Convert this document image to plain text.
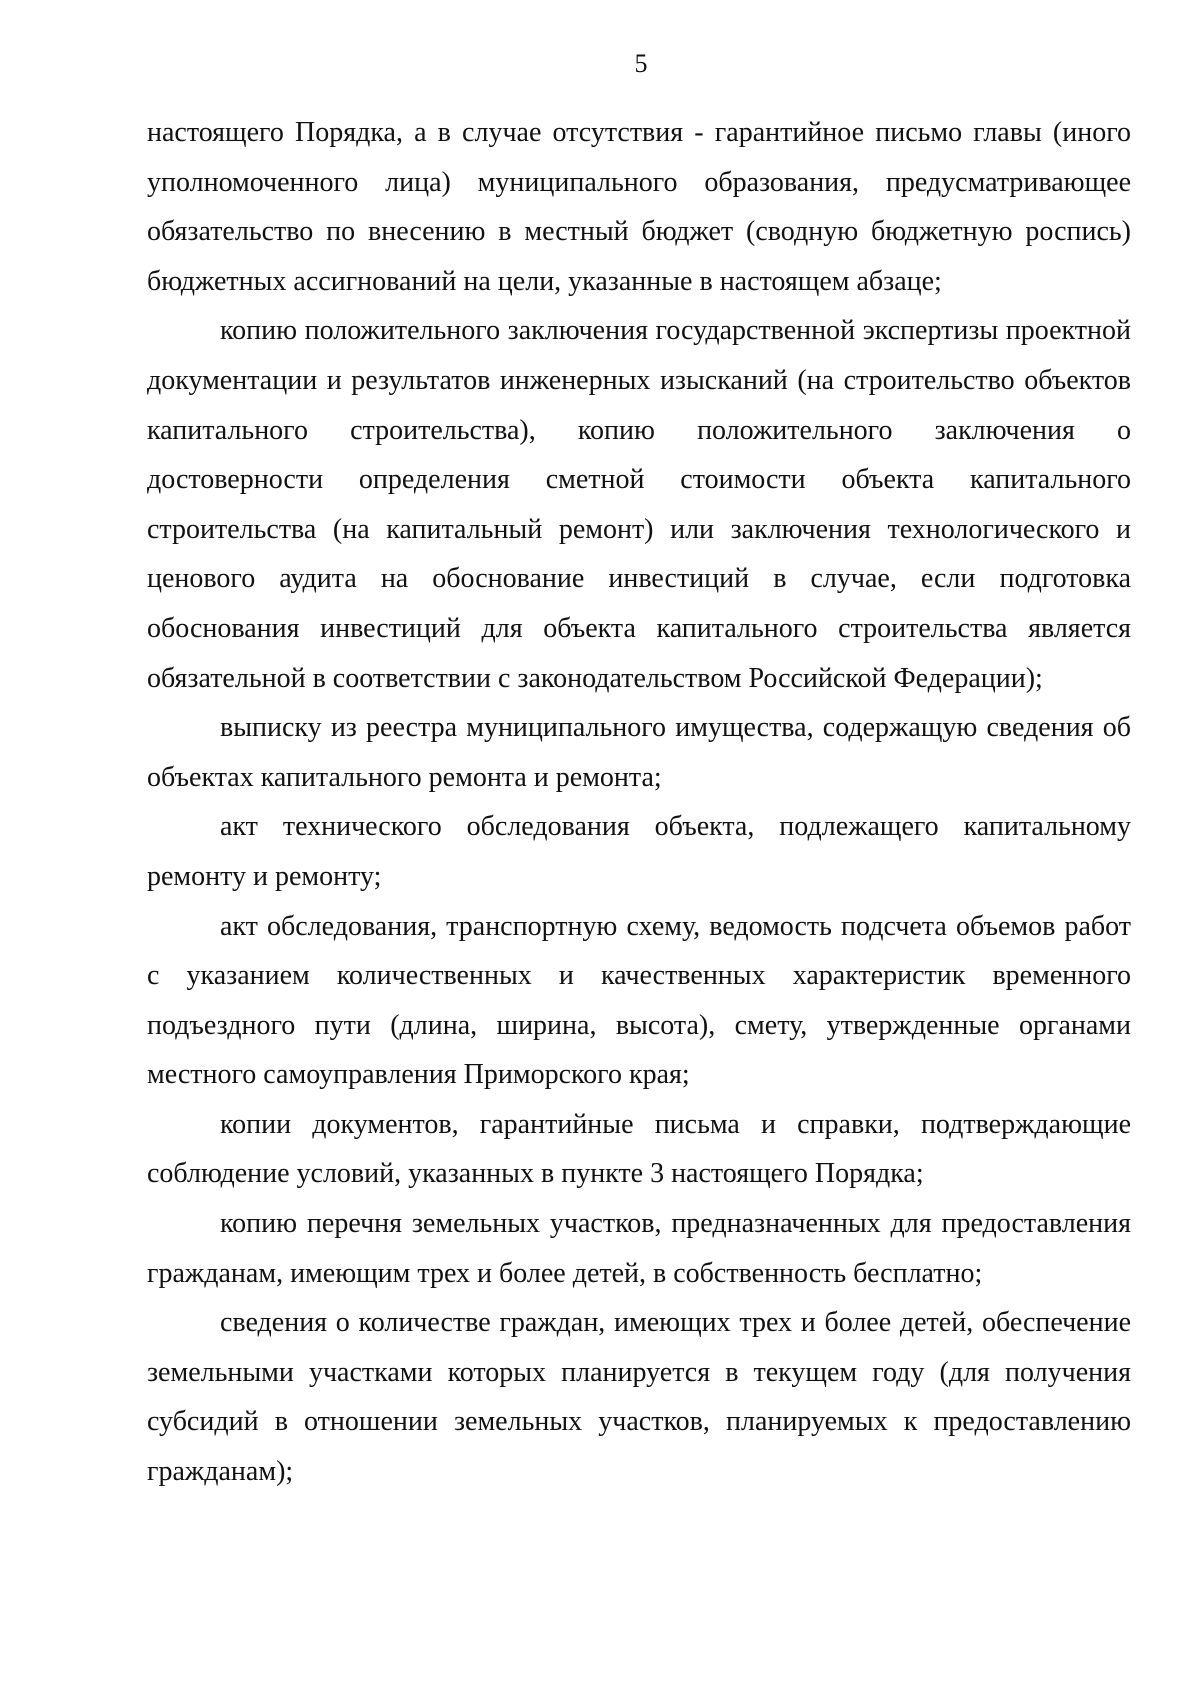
5

настоящего Порядка, а в случае отсутствия - гарантийное письмо главы (иного уполномоченного лица) муниципального образования, предусматривающее обязательство по внесению в местный бюджет (сводную бюджетную роспись) бюджетных ассигнований на цели, указанные в настоящем абзаце;

копию положительного заключения государственной экспертизы проектной документации и результатов инженерных изысканий (на строительство объектов капитального строительства), копию положительного заключения о достоверности определения сметной стоимости объекта капитального строительства (на капитальный ремонт) или заключения технологического и ценового аудита на обоснование инвестиций в случае, если подготовка обоснования инвестиций для объекта капитального строительства является обязательной в соответствии с законодательством Российской Федерации);

выписку из реестра муниципального имущества, содержащую сведения об объектах капитального ремонта и ремонта;

акт технического обследования объекта, подлежащего капитальному ремонту и ремонту;

акт обследования, транспортную схему, ведомость подсчета объемов работ с указанием количественных и качественных характеристик временного подъездного пути (длина, ширина, высота), смету, утвержденные органами местного самоуправления Приморского края;

копии документов, гарантийные письма и справки, подтверждающие соблюдение условий, указанных в пункте 3 настоящего Порядка;

копию перечня земельных участков, предназначенных для предоставления гражданам, имеющим трех и более детей, в собственность бесплатно;

сведения о количестве граждан, имеющих трех и более детей, обеспечение земельными участками которых планируется в текущем году (для получения субсидий в отношении земельных участков, планируемых к предоставлению гражданам);
